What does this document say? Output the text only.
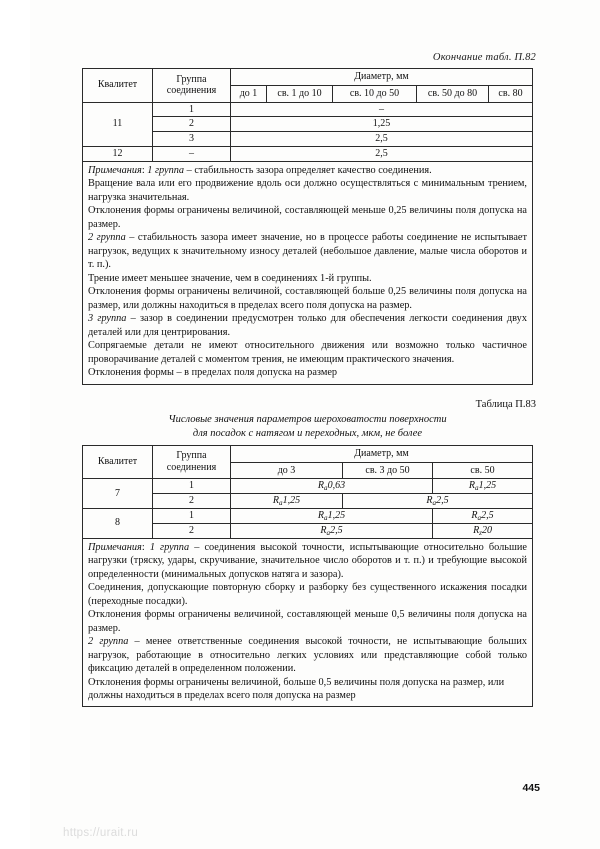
Окончание табл. П.82
Квалитет	Группа соединения	Диаметр, мм				
		до 1	св. 1 до 10	св. 10 до 50	св. 50 до 80	св. 80
11	1	–				
	2	1,25				
	3	2,5				
12	–	2,5				

Примечания: 1 группа – стабильность зазора определяет качество соединения.

Вращение вала или его продвижение вдоль оси должно осуществляться с минимальным трением, нагрузка значительная.

Отклонения формы ограничены величиной, составляющей меньше 0,25 величины поля допуска на размер.

2 группа – стабильность зазора имеет значение, но в процессе работы соединение не испытывает нагрузок, ведущих к значительному износу деталей (небольшое давление, малые числа оборотов и т. п.).

Трение имеет меньшее значение, чем в соединениях 1-й группы.

Отклонения формы ограничены величиной, составляющей больше 0,25 величины поля допуска на размер, или должны находиться в пределах всего поля допуска на размер.

3 группа – зазор в соединении предусмотрен только для обеспечения легкости соединения двух деталей или для центрирования.

Сопрягаемые детали не имеют относительного движения или возможно только частичное проворачивание деталей с моментом трения, не имеющим практического значения.

Отклонения формы – в пределах поля допуска на размер

Таблица П.83
Числовые значения параметров шероховатости поверхности
для посадок с натягом и переходных, мкм, не более
Квалитет	Группа соединения	Диаметр, мм		
		до 3	св. 3 до 50	св. 50
7	1	$R_a0,63$		$R_a1,25$
	2	$R_a1,25$	$R_a2,5$	
8	1	$R_a1,25$		$R_a2,5$
	2	$R_a2,5$		$R_z20$

Примечания: 1 группа – соединения высокой точности, испытывающие относительно большие нагрузки (тряску, удары, скручивание, значительное число оборотов и т. п.) и требующие высокой определенности (минимальных допусков натяга и зазора).

Соединения, допускающие повторную сборку и разборку без существенного искажения посадки (переходные посадки).

Отклонения формы ограничены величиной, составляющей меньше 0,5 величины поля допуска на размер.

2 группа – менее ответственные соединения высокой точности, не испытывающие больших нагрузок, работающие в относительно легких условиях или представляющие собой только фиксацию деталей в определенном положении.

Отклонения формы ограничены величиной, больше 0,5 величины поля допуска на размер, или должны находиться в пределах всего поля допуска на размер				

445
https://urait.ru
